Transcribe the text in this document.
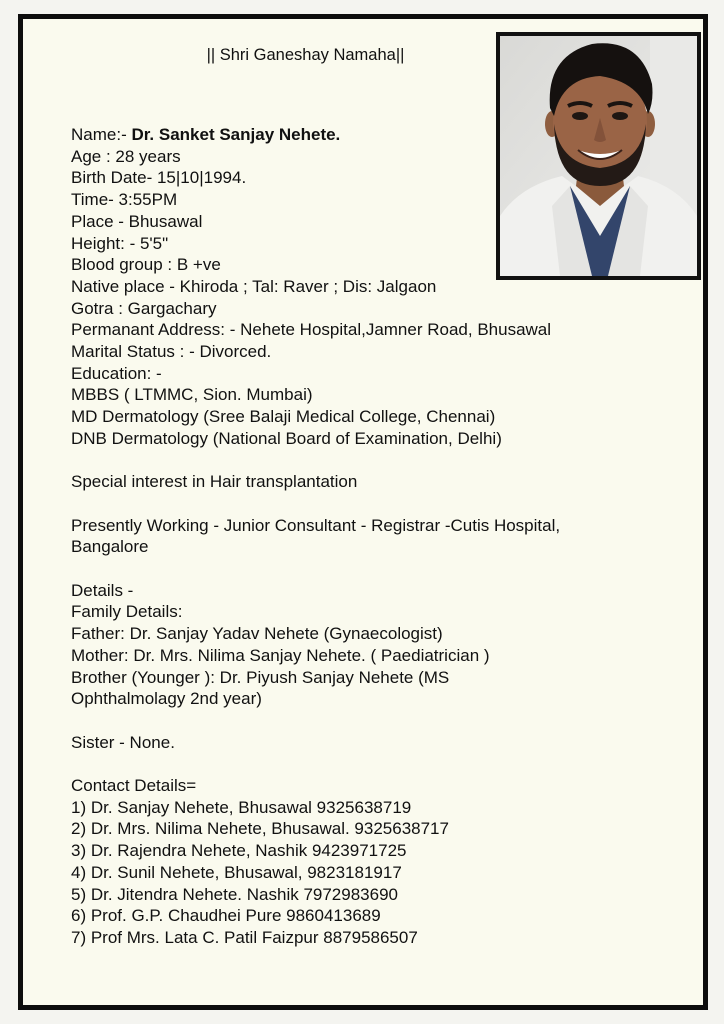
|| Shri Ganeshay Namaha||
Name:- Dr. Sanket Sanjay Nehete.
Age : 28 years
Birth Date- 15|10|1994.
Time- 3:55PM
Place - Bhusawal
Height: - 5'5"
Blood group : B +ve
Native place - Khiroda ; Tal: Raver ; Dis: Jalgaon
Gotra : Gargachary
Permanant Address: - Nehete Hospital,Jamner Road, Bhusawal
Marital Status : - Divorced.
Education: -
MBBS ( LTMMC, Sion. Mumbai)
MD Dermatology (Sree Balaji Medical College, Chennai)
DNB Dermatology (National Board of Examination, Delhi)
Special interest in Hair transplantation
Presently Working - Junior Consultant - Registrar -Cutis Hospital,
Bangalore
Details -
Family Details:
Father: Dr. Sanjay Yadav Nehete (Gynaecologist)
Mother: Dr. Mrs. Nilima Sanjay Nehete. ( Paediatrician )
Brother (Younger ): Dr. Piyush Sanjay Nehete (MS
Ophthalmolagy 2nd year)
Sister - None.
Contact Details=
1) Dr. Sanjay Nehete, Bhusawal 9325638719
2) Dr. Mrs. Nilima Nehete, Bhusawal. 9325638717
3) Dr. Rajendra Nehete, Nashik 9423971725
4) Dr. Sunil Nehete, Bhusawal, 9823181917
5) Dr. Jitendra Nehete. Nashik 7972983690
6) Prof. G.P. Chaudhei Pure 9860413689
7) Prof Mrs. Lata C. Patil Faizpur 8879586507
